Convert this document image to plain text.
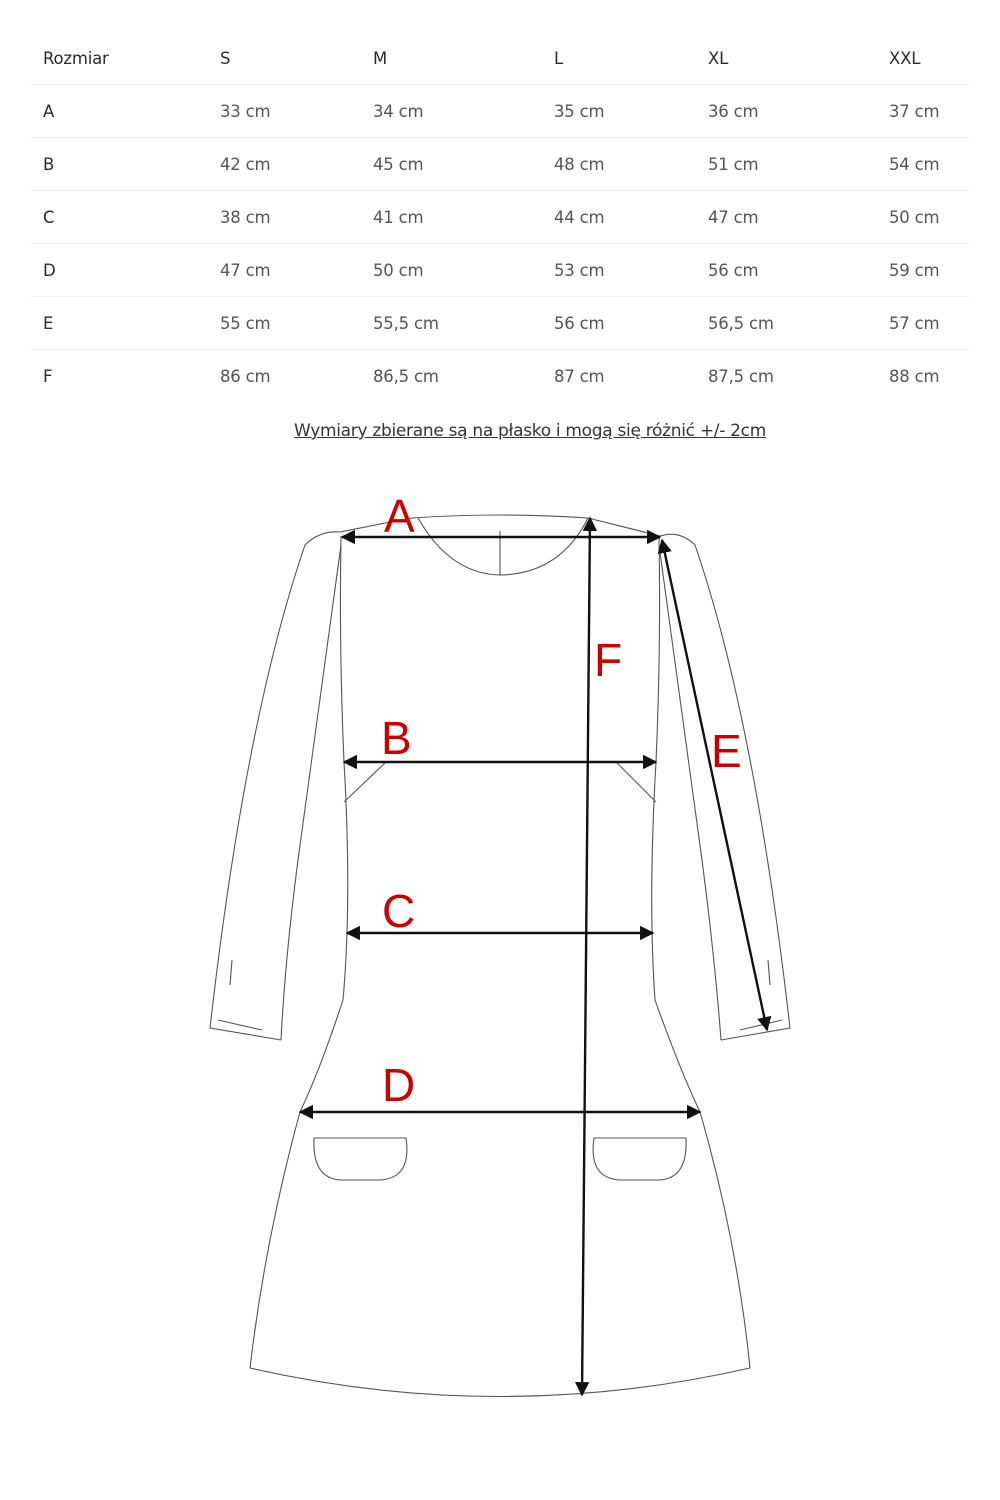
Rozmiar	S	M	L	XL	XXL
A	33 cm	34 cm	35 cm	36 cm	37 cm
B	42 cm	45 cm	48 cm	51 cm	54 cm
C	38 cm	41 cm	44 cm	47 cm	50 cm
D	47 cm	50 cm	53 cm	56 cm	59 cm
E	55 cm	55,5 cm	56 cm	56,5 cm	57 cm
F	86 cm	86,5 cm	87 cm	87,5 cm	88 cm
Wymiary zbierane są na płasko i mogą się różnić +/- 2cm
A
B
C
D
E
F
